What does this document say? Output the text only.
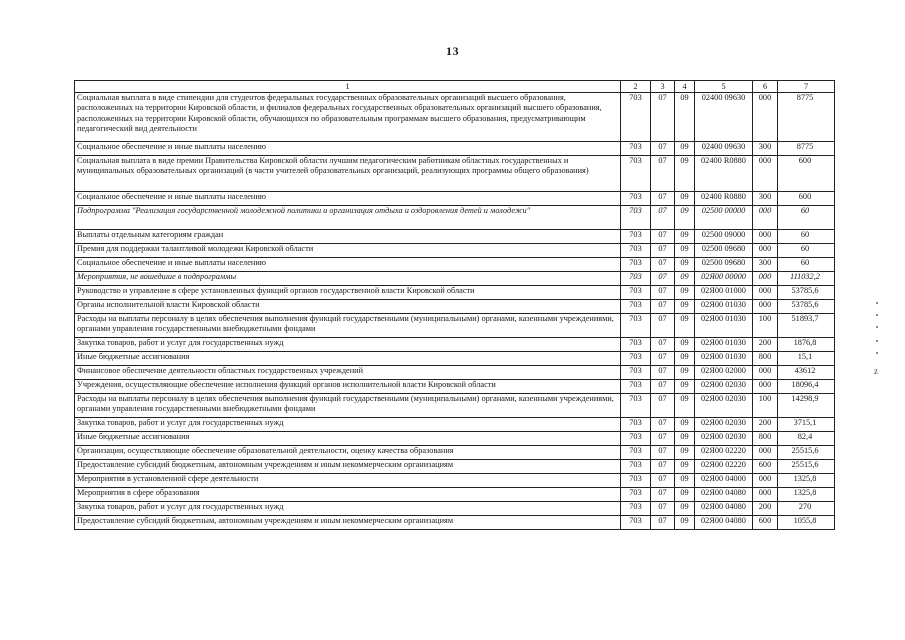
13
1	2	3	4	5	6	7
Социальная выплата в виде стипендии для студентов федеральных государственных образовательных организаций высшего образования, расположенных на территории Кировской области, и филиалов федеральных государственных образовательных организаций высшего образования, расположенных на территории Кировской области, обучающихся по образовательным программам высшего образования, предусматривающим педагогический вид деятельности	703	07	09	02400 09630	000	8775
Социальное обеспечение и иные выплаты населению	703	07	09	02400 09630	300	8775
Социальная выплата в виде премии Правительства Кировской области лучшим педагогическим работникам областных государственных и муниципальных образовательных организаций (в части учителей образовательных организаций, реализующих программы общего образования)	703	07	09	02400 R0880	000	600
Социальное обеспечение и иные выплаты населению	703	07	09	02400 R0880	300	600
Подпрограмма "Реализация государственной молодежной политики и организация отдыха и оздоровления детей и молодежи"	703	07	09	02500 00000	000	60
Выплаты отдельным категориям граждан	703	07	09	02500 09000	000	60
Премия для поддержки талантливой молодежи Кировской области	703	07	09	02500 09680	000	60
Социальное обеспечение и иные выплаты населению	703	07	09	02500 09680	300	60
Мероприятия, не вошедшие в подпрограммы	703	07	09	02Я00 00000	000	111032,2
Руководство и управление в сфере установленных функций органов государственной власти Кировской области	703	07	09	02Я00 01000	000	53785,6
Органы исполнительной власти Кировской области	703	07	09	02Я00 01030	000	53785,6
Расходы на выплаты персоналу в целях обеспечения выполнения функций государственными (муниципальными) органами, казенными учреждениями, органами управления государственными внебюджетными фондами	703	07	09	02Я00 01030	100	51893,7
Закупка товаров, работ и услуг для государственных нужд	703	07	09	02Я00 01030	200	1876,8
Иные бюджетные ассигнования	703	07	09	02Я00 01030	800	15,1
Финансовое обеспечение деятельности областных государственных учреждений	703	07	09	02Я00 02000	000	43612
Учреждения, осуществляющие обеспечение исполнения функций органов исполнительной власти Кировской области	703	07	09	02Я00 02030	000	18096,4
Расходы на выплаты персоналу в целях обеспечения выполнения функций государственными (муниципальными) органами, казенными учреждениями, органами управления государственными внебюджетными фондами	703	07	09	02Я00 02030	100	14298,9
Закупка товаров, работ и услуг для государственных нужд	703	07	09	02Я00 02030	200	3715,1
Иные бюджетные ассигнования	703	07	09	02Я00 02030	800	82,4
Организации, осуществляющие обеспечение образовательной деятельности, оценку качества образования	703	07	09	02Я00 02220	000	25515,6
Предоставление субсидий бюджетным, автономным учреждениям и иным некоммерческим организациям	703	07	09	02Я00 02220	600	25515,6
Мероприятия в установленной сфере деятельности	703	07	09	02Я00 04000	000	1325,8
Мероприятия в сфере образования	703	07	09	02Я00 04080	000	1325,8
Закупка товаров, работ и услуг для государственных нужд	703	07	09	02Я00 04080	200	270
Предоставление субсидий бюджетным, автономным учреждениям и иным некоммерческим организациям	703	07	09	02Я00 04080	600	1055,8
z
